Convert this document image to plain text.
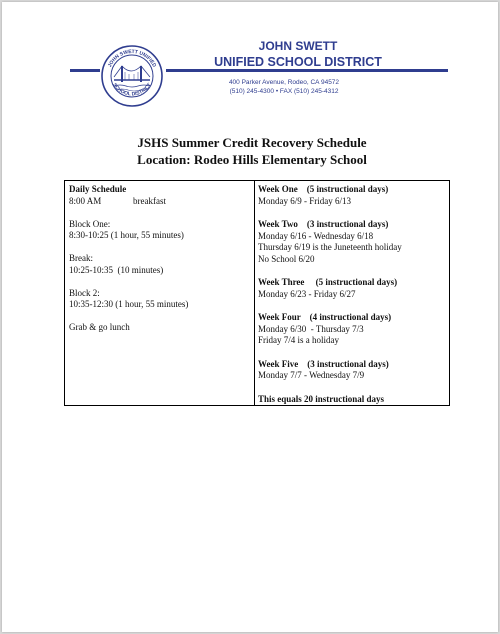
JOHN SWETT UNIFIED
SCHOOL DISTRICT
JOHN SWETT
UNIFIED SCHOOL DISTRICT
400 Parker Avenue, Rodeo, CA 94572
(510) 245-4300 • FAX (510) 245-4312
JSHS Summer Credit Recovery Schedule
Location: Rodeo Hills Elementary School
Daily Schedule
8:00 AM	breakfast
Block One:
8:30-10:25 (1 hour, 55 minutes)
Break:
10:25-10:35  (10 minutes)
Block 2:
10:35-12:30 (1 hour, 55 minutes)
Grab & go lunch
Week One    (5 instructional days)
Monday 6/9 - Friday 6/13
Week Two    (3 instructional days)
Monday 6/16 - Wednesday 6/18
Thursday 6/19 is the Juneteenth holiday
No School 6/20
Week Three     (5 instructional days)
Monday 6/23 - Friday 6/27
Week Four    (4 instructional days)
Monday 6/30  - Thursday 7/3
Friday 7/4 is a holiday
Week Five    (3 instructional days)
Monday 7/7 - Wednesday 7/9
This equals 20 instructional days
